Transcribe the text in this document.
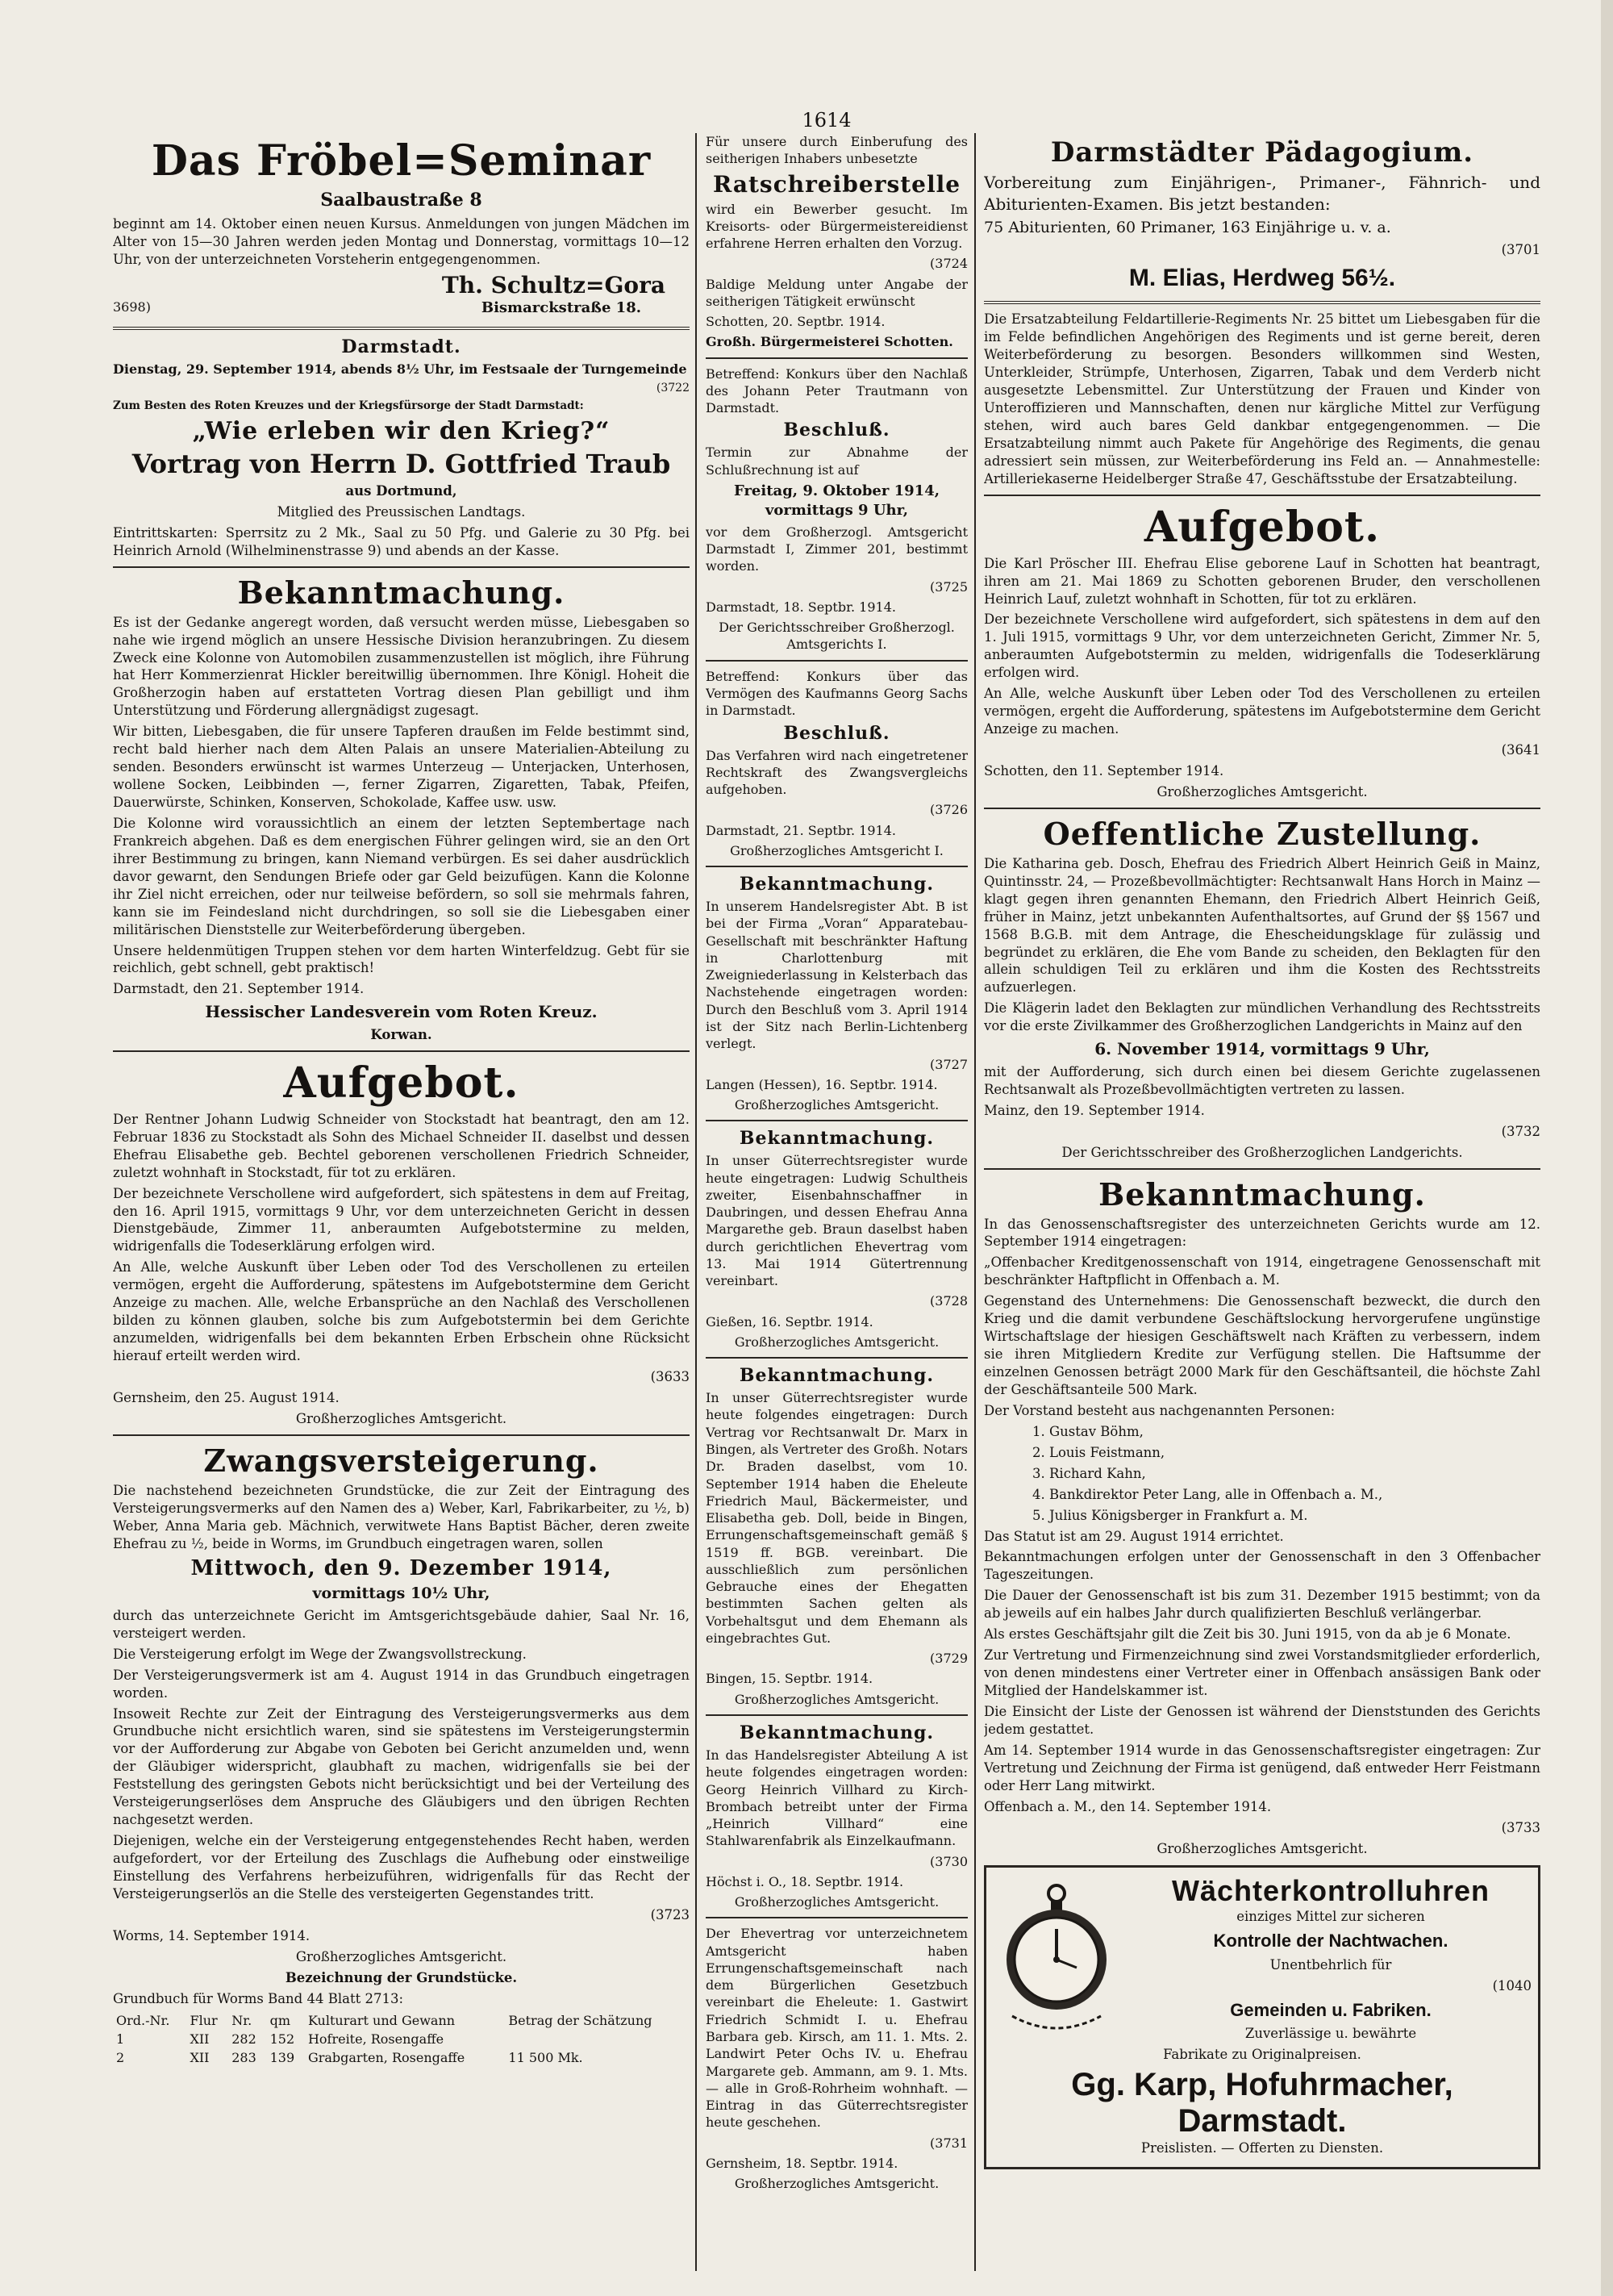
1614
Das Fröbel=Seminar

Saalbaustraße 8

beginnt am 14. Oktober einen neuen Kursus. Anmeldungen von jungen Mädchen im Alter von 15—30 Jahren werden jeden Montag und Donnerstag, vormittags 10—12 Uhr, von der unterzeichneten Vorsteherin entgegengenommen.

Th. Schultz=Gora
3698)	Bismarckstraße 18.
Darmstadt.

Dienstag, 29. September 1914, abends 8½ Uhr, im Festsaale der Turngemeinde

(3722

Zum Besten des Roten Kreuzes und der Kriegsfürsorge der Stadt Darmstadt:

„Wie erleben wir den Krieg?“
Vortrag von Herrn D. Gottfried Traub

aus Dortmund,

Mitglied des Preussischen Landtags.

Eintrittskarten: Sperrsitz zu 2 Mk., Saal zu 50 Pfg. und Galerie zu 30 Pfg. bei Heinrich Arnold (Wilhelminenstrasse 9) und abends an der Kasse.

Bekanntmachung.

Es ist der Gedanke angeregt worden, daß versucht werden müsse, Liebesgaben so nahe wie irgend möglich an unsere Hessische Division heranzubringen. Zu diesem Zweck eine Kolonne von Automobilen zusammenzustellen ist möglich, ihre Führung hat Herr Kommerzienrat Hickler bereitwillig übernommen. Ihre Königl. Hoheit die Großherzogin haben auf erstatteten Vortrag diesen Plan gebilligt und ihm Unterstützung und Förderung allergnädigst zugesagt.

Wir bitten, Liebesgaben, die für unsere Tapferen draußen im Felde bestimmt sind, recht bald hierher nach dem Alten Palais an unsere Materialien-Abteilung zu senden. Besonders erwünscht ist warmes Unterzeug — Unterjacken, Unterhosen, wollene Socken, Leibbinden —, ferner Zigarren, Zigaretten, Tabak, Pfeifen, Dauerwürste, Schinken, Konserven, Schokolade, Kaffee usw. usw.

Die Kolonne wird voraussichtlich an einem der letzten Septembertage nach Frankreich abgehen. Daß es dem energischen Führer gelingen wird, sie an den Ort ihrer Bestimmung zu bringen, kann Niemand verbürgen. Es sei daher ausdrücklich davor gewarnt, den Sendungen Briefe oder gar Geld beizufügen. Kann die Kolonne ihr Ziel nicht erreichen, oder nur teilweise befördern, so soll sie mehrmals fahren, kann sie im Feindesland nicht durchdringen, so soll sie die Liebesgaben einer militärischen Dienststelle zur Weiterbeförderung übergeben.

Unsere heldenmütigen Truppen stehen vor dem harten Winterfeldzug. Gebt für sie reichlich, gebt schnell, gebt praktisch!

Darmstadt, den 21. September 1914.

Hessischer Landesverein vom Roten Kreuz.

Korwan.

Aufgebot.

Der Rentner Johann Ludwig Schneider von Stockstadt hat beantragt, den am 12. Februar 1836 zu Stockstadt als Sohn des Michael Schneider II. daselbst und dessen Ehefrau Elisabethe geb. Bechtel geborenen verschollenen Friedrich Schneider, zuletzt wohnhaft in Stockstadt, für tot zu erklären.

Der bezeichnete Verschollene wird aufgefordert, sich spätestens in dem auf Freitag, den 16. April 1915, vormittags 9 Uhr, vor dem unterzeichneten Gericht in dessen Dienstgebäude, Zimmer 11, anberaumten Aufgebotstermine zu melden, widrigenfalls die Todeserklärung erfolgen wird.

An Alle, welche Auskunft über Leben oder Tod des Verschollenen zu erteilen vermögen, ergeht die Aufforderung, spätestens im Aufgebotstermine dem Gericht Anzeige zu machen. Alle, welche Erbansprüche an den Nachlaß des Verschollenen bilden zu können glauben, solche bis zum Aufgebotstermin bei dem Gerichte anzumelden, widrigenfalls bei dem bekannten Erben Erbschein ohne Rücksicht hierauf erteilt werden wird.

(3633

Gernsheim, den 25. August 1914.

Großherzogliches Amtsgericht.

Zwangsversteigerung.

Die nachstehend bezeichneten Grundstücke, die zur Zeit der Eintragung des Versteigerungsvermerks auf den Namen des a) Weber, Karl, Fabrikarbeiter, zu ½, b) Weber, Anna Maria geb. Mächnich, verwitwete Hans Baptist Bächer, deren zweite Ehefrau zu ½, beide in Worms, im Grundbuch eingetragen waren, sollen

Mittwoch, den 9. Dezember 1914,

vormittags 10½ Uhr,

durch das unterzeichnete Gericht im Amtsgerichtsgebäude dahier, Saal Nr. 16, versteigert werden.

Die Versteigerung erfolgt im Wege der Zwangsvollstreckung.

Der Versteigerungsvermerk ist am 4. August 1914 in das Grundbuch eingetragen worden.

Insoweit Rechte zur Zeit der Eintragung des Versteigerungsvermerks aus dem Grundbuche nicht ersichtlich waren, sind sie spätestens im Versteigerungstermin vor der Aufforderung zur Abgabe von Geboten bei Gericht anzumelden und, wenn der Gläubiger widerspricht, glaubhaft zu machen, widrigenfalls sie bei der Feststellung des geringsten Gebots nicht berücksichtigt und bei der Verteilung des Versteigerungserlöses dem Anspruche des Gläubigers und den übrigen Rechten nachgesetzt werden.

Diejenigen, welche ein der Versteigerung entgegenstehendes Recht haben, werden aufgefordert, vor der Erteilung des Zuschlags die Aufhebung oder einstweilige Einstellung des Verfahrens herbeizuführen, widrigenfalls für das Recht der Versteigerungserlös an die Stelle des versteigerten Gegenstandes tritt.

(3723

Worms, 14. September 1914.

Großherzogliches Amtsgericht.

Bezeichnung der Grundstücke.

Grundbuch für Worms Band 44 Blatt 2713:

Ord.-Nr.	Flur	Nr.	qm	Kulturart und Gewann	Betrag der Schätzung
1	XII	282	152	Hofreite, Rosengaffe	
2	XII	283	139	Grabgarten, Rosengaffe	11 500 Mk.

Für unsere durch Einberufung des seitherigen Inhabers unbesetzte

Ratschreiberstelle

wird ein Bewerber gesucht. Im Kreisorts- oder Bürgermeistereidienst erfahrene Herren erhalten den Vorzug.

(3724

Baldige Meldung unter Angabe der seitherigen Tätigkeit erwünscht

Schotten, 20. Septbr. 1914.

Großh. Bürgermeisterei Schotten.

Betreffend: Konkurs über den Nachlaß des Johann Peter Trautmann von Darmstadt.

Beschluß.

Termin zur Abnahme der Schlußrechnung ist auf

Freitag, 9. Oktober 1914, vormittags 9 Uhr,

vor dem Großherzogl. Amtsgericht Darmstadt I, Zimmer 201, bestimmt worden.

(3725

Darmstadt, 18. Septbr. 1914.

Der Gerichtsschreiber Großherzogl. Amtsgerichts I.

Betreffend: Konkurs über das Vermögen des Kaufmanns Georg Sachs in Darmstadt.

Beschluß.

Das Verfahren wird nach eingetretener Rechtskraft des Zwangsvergleichs aufgehoben.

(3726

Darmstadt, 21. Septbr. 1914.

Großherzogliches Amtsgericht I.

Bekanntmachung.

In unserem Handelsregister Abt. B ist bei der Firma „Voran“ Apparatebau-Gesellschaft mit beschränkter Haftung in Charlottenburg mit Zweigniederlassung in Kelsterbach das Nachstehende eingetragen worden: Durch den Beschluß vom 3. April 1914 ist der Sitz nach Berlin-Lichtenberg verlegt.

(3727

Langen (Hessen), 16. Septbr. 1914.

Großherzogliches Amtsgericht.

Bekanntmachung.

In unser Güterrechtsregister wurde heute eingetragen: Ludwig Schultheis zweiter, Eisenbahnschaffner in Daubringen, und dessen Ehefrau Anna Margarethe geb. Braun daselbst haben durch gerichtlichen Ehevertrag vom 13. Mai 1914 Gütertrennung vereinbart.

(3728

Gießen, 16. Septbr. 1914.

Großherzogliches Amtsgericht.

Bekanntmachung.

In unser Güterrechtsregister wurde heute folgendes eingetragen: Durch Vertrag vor Rechtsanwalt Dr. Marx in Bingen, als Vertreter des Großh. Notars Dr. Braden daselbst, vom 10. September 1914 haben die Eheleute Friedrich Maul, Bäckermeister, und Elisabetha geb. Doll, beide in Bingen, Errungenschaftsgemeinschaft gemäß § 1519 ff. BGB. vereinbart. Die ausschließlich zum persönlichen Gebrauche eines der Ehegatten bestimmten Sachen gelten als Vorbehaltsgut und dem Ehemann als eingebrachtes Gut.

(3729

Bingen, 15. Septbr. 1914.

Großherzogliches Amtsgericht.

Bekanntmachung.

In das Handelsregister Abteilung A ist heute folgendes eingetragen worden: Georg Heinrich Villhard zu Kirch-Brombach betreibt unter der Firma „Heinrich Villhard“ eine Stahlwarenfabrik als Einzelkaufmann.

(3730

Höchst i. O., 18. Septbr. 1914.

Großherzogliches Amtsgericht.

Der Ehevertrag vor unterzeichnetem Amtsgericht haben Errungenschaftsgemeinschaft nach dem Bürgerlichen Gesetzbuch vereinbart die Eheleute: 1. Gastwirt Friedrich Schmidt I. u. Ehefrau Barbara geb. Kirsch, am 11. 1. Mts. 2. Landwirt Peter Ochs IV. u. Ehefrau Margarete geb. Ammann, am 9. 1. Mts. — alle in Groß-Rohrheim wohnhaft. — Eintrag in das Güterrechtsregister heute geschehen.

(3731

Gernsheim, 18. Septbr. 1914.

Großherzogliches Amtsgericht.

Darmstädter Pädagogium.

Vorbereitung zum Einjährigen-, Primaner-, Fähnrich- und Abiturienten-Examen. Bis jetzt bestanden:

75 Abiturienten, 60 Primaner, 163 Einjährige u. v. a.

(3701

M. Elias, Herdweg 56½.

Die Ersatzabteilung Feldartillerie-Regiments Nr. 25 bittet um Liebesgaben für die im Felde befindlichen Angehörigen des Regiments und ist gerne bereit, deren Weiterbeförderung zu besorgen. Besonders willkommen sind Westen, Unterkleider, Strümpfe, Unterhosen, Zigarren, Tabak und dem Verderb nicht ausgesetzte Lebensmittel. Zur Unterstützung der Frauen und Kinder von Unteroffizieren und Mannschaften, denen nur kärgliche Mittel zur Verfügung stehen, wird auch bares Geld dankbar entgegengenommen. — Die Ersatzabteilung nimmt auch Pakete für Angehörige des Regiments, die genau adressiert sein müssen, zur Weiterbeförderung ins Feld an. — Annahmestelle: Artilleriekaserne Heidelberger Straße 47, Geschäftsstube der Ersatzabteilung.

Aufgebot.

Die Karl Pröscher III. Ehefrau Elise geborene Lauf in Schotten hat beantragt, ihren am 21. Mai 1869 zu Schotten geborenen Bruder, den verschollenen Heinrich Lauf, zuletzt wohnhaft in Schotten, für tot zu erklären.

Der bezeichnete Verschollene wird aufgefordert, sich spätestens in dem auf den 1. Juli 1915, vormittags 9 Uhr, vor dem unterzeichneten Gericht, Zimmer Nr. 5, anberaumten Aufgebotstermin zu melden, widrigenfalls die Todeserklärung erfolgen wird.

An Alle, welche Auskunft über Leben oder Tod des Verschollenen zu erteilen vermögen, ergeht die Aufforderung, spätestens im Aufgebotstermine dem Gericht Anzeige zu machen.

(3641

Schotten, den 11. September 1914.

Großherzogliches Amtsgericht.

Oeffentliche Zustellung.

Die Katharina geb. Dosch, Ehefrau des Friedrich Albert Heinrich Geiß in Mainz, Quintinsstr. 24, — Prozeßbevollmächtigter: Rechtsanwalt Hans Horch in Mainz — klagt gegen ihren genannten Ehemann, den Friedrich Albert Heinrich Geiß, früher in Mainz, jetzt unbekannten Aufenthaltsortes, auf Grund der §§ 1567 und 1568 B.G.B. mit dem Antrage, die Ehescheidungsklage für zulässig und begründet zu erklären, die Ehe vom Bande zu scheiden, den Beklagten für den allein schuldigen Teil zu erklären und ihm die Kosten des Rechtsstreits aufzuerlegen.

Die Klägerin ladet den Beklagten zur mündlichen Verhandlung des Rechtsstreits vor die erste Zivilkammer des Großherzoglichen Landgerichts in Mainz auf den

6. November 1914, vormittags 9 Uhr,

mit der Aufforderung, sich durch einen bei diesem Gerichte zugelassenen Rechtsanwalt als Prozeßbevollmächtigten vertreten zu lassen.

Mainz, den 19. September 1914.

(3732

Der Gerichtsschreiber des Großherzoglichen Landgerichts.

Bekanntmachung.

In das Genossenschaftsregister des unterzeichneten Gerichts wurde am 12. September 1914 eingetragen:

„Offenbacher Kreditgenossenschaft von 1914, eingetragene Genossenschaft mit beschränkter Haftpflicht in Offenbach a. M.

Gegenstand des Unternehmens: Die Genossenschaft bezweckt, die durch den Krieg und die damit verbundene Geschäftslockung hervorgerufene ungünstige Wirtschaftslage der hiesigen Geschäftswelt nach Kräften zu verbessern, indem sie ihren Mitgliedern Kredite zur Verfügung stellen. Die Haftsumme der einzelnen Genossen beträgt 2000 Mark für den Geschäftsanteil, die höchste Zahl der Geschäftsanteile 500 Mark.

Der Vorstand besteht aus nachgenannten Personen:

1. Gustav Böhm,

2. Louis Feistmann,

3. Richard Kahn,

4. Bankdirektor Peter Lang, alle in Offenbach a. M.,

5. Julius Königsberger in Frankfurt a. M.

Das Statut ist am 29. August 1914 errichtet.

Bekanntmachungen erfolgen unter der Genossenschaft in den 3 Offenbacher Tageszeitungen.

Die Dauer der Genossenschaft ist bis zum 31. Dezember 1915 bestimmt; von da ab jeweils auf ein halbes Jahr durch qualifizierten Beschluß verlängerbar.

Als erstes Geschäftsjahr gilt die Zeit bis 30. Juni 1915, von da ab je 6 Monate.

Zur Vertretung und Firmenzeichnung sind zwei Vorstandsmitglieder erforderlich, von denen mindestens einer Vertreter einer in Offenbach ansässigen Bank oder Mitglied der Handelskammer ist.

Die Einsicht der Liste der Genossen ist während der Dienststunden des Gerichts jedem gestattet.

Am 14. September 1914 wurde in das Genossenschaftsregister eingetragen: Zur Vertretung und Zeichnung der Firma ist genügend, daß entweder Herr Feistmann oder Herr Lang mitwirkt.

Offenbach a. M., den 14. September 1914.

(3733

Großherzogliches Amtsgericht.

Wächterkontrolluhren

einziges Mittel zur sicheren

Kontrolle der Nachtwachen.

Unentbehrlich für

(1040

Gemeinden u. Fabriken.

Zuverlässige u. bewährte

Fabrikate zu Originalpreisen.

Gg. Karp, Hofuhrmacher, Darmstadt.

Preislisten. — Offerten zu Diensten.
